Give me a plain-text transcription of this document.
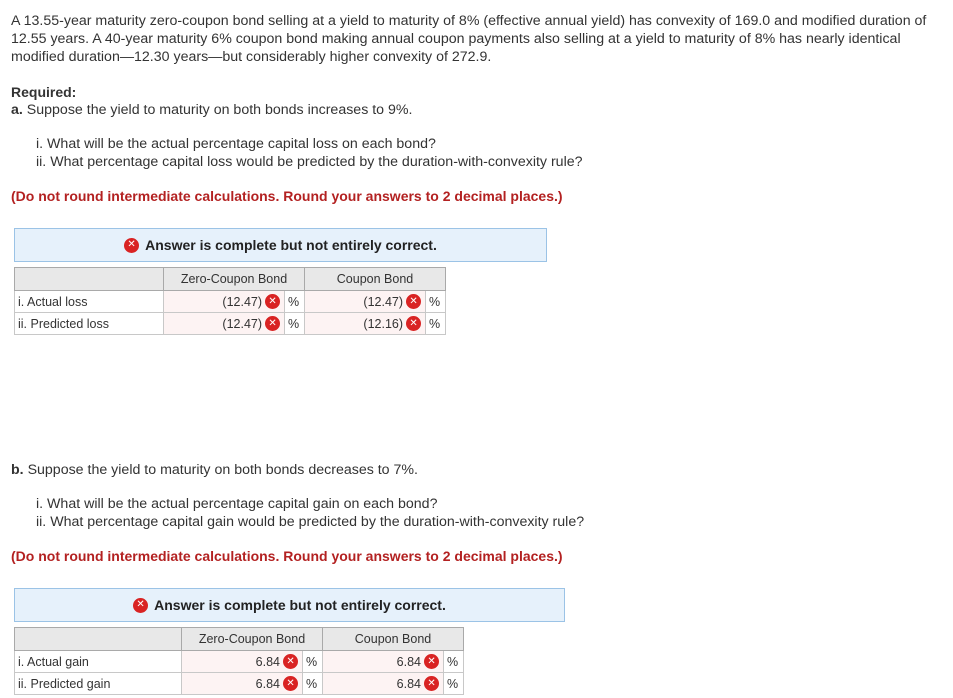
A 13.55-year maturity zero-coupon bond selling at a yield to maturity of 8% (effective annual yield) has convexity of 169.0 and modified duration of 12.55 years. A 40-year maturity 6% coupon bond making annual coupon payments also selling at a yield to maturity of 8% has nearly identical modified duration—12.30 years—but considerably higher convexity of 272.9.
Required:
a. Suppose the yield to maturity on both bonds increases to 9%.
i. What will be the actual percentage capital loss on each bond?
ii. What percentage capital loss would be predicted by the duration-with-convexity rule?
(Do not round intermediate calculations. Round your answers to 2 decimal places.)
✕ Answer is complete but not entirely correct.
	Zero-Coupon Bond		Coupon Bond	
i. Actual loss	(12.47) ✕	%	(12.47) ✕	%
ii. Predicted loss	(12.47) ✕	%	(12.16) ✕	%
b. Suppose the yield to maturity on both bonds decreases to 7%.
i. What will be the actual percentage capital gain on each bond?
ii. What percentage capital gain would be predicted by the duration-with-convexity rule?
(Do not round intermediate calculations. Round your answers to 2 decimal places.)
✕ Answer is complete but not entirely correct.
	Zero-Coupon Bond		Coupon Bond	
i. Actual gain	6.84 ✕	%	6.84 ✕	%
ii. Predicted gain	6.84 ✕	%	6.84 ✕	%
